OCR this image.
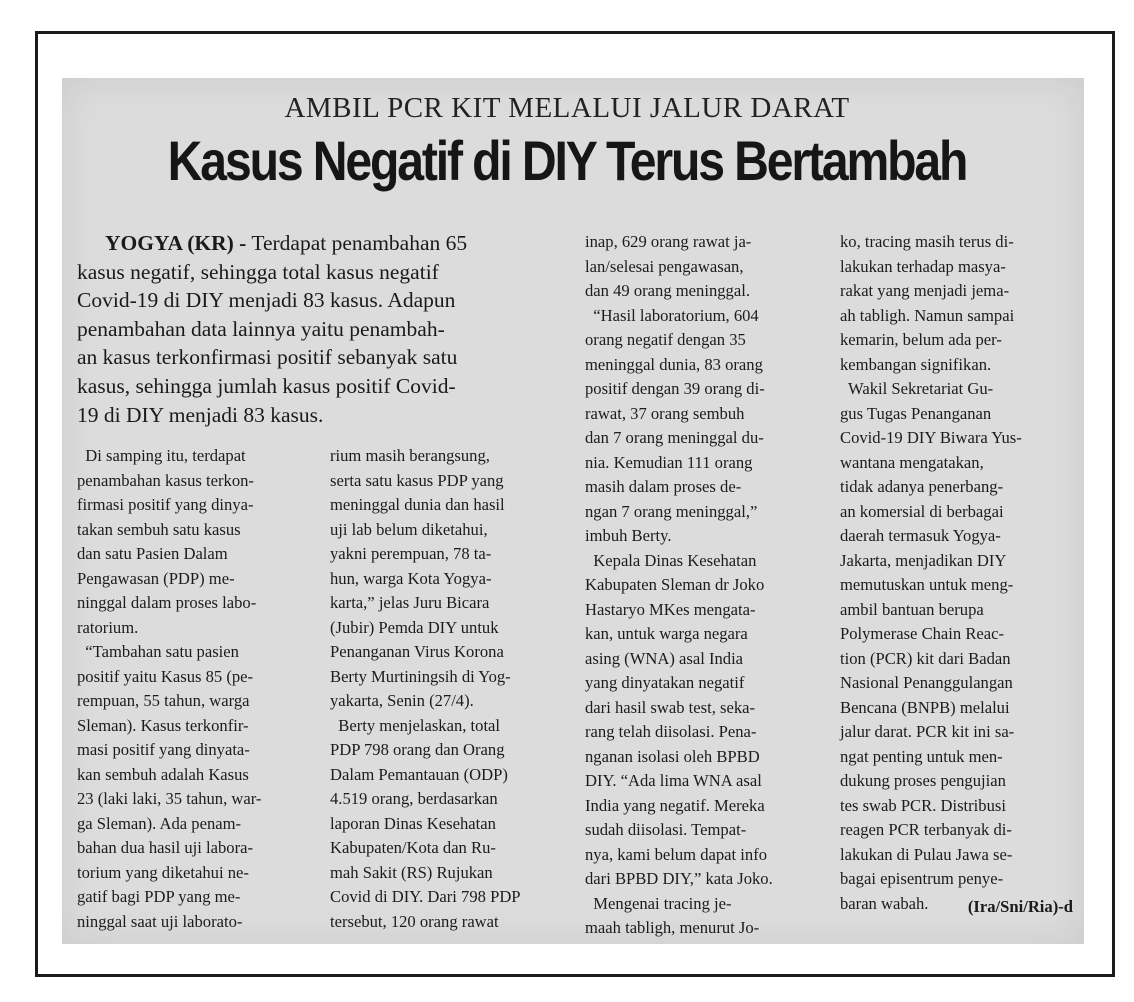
AMBIL PCR KIT MELALUI JALUR DARAT
Kasus Negatif di DIY Terus Bertambah
YOGYA (KR) - Terdapat penambahan 65
kasus negatif, sehingga total kasus negatif
Covid-19 di DIY menjadi 83 kasus. Adapun
penambahan data lainnya yaitu penambah-
an kasus terkonfirmasi positif sebanyak satu
kasus, sehingga jumlah kasus positif Covid-
19 di DIY menjadi 83 kasus.
Di samping itu, terdapat
penambahan kasus terkon-
firmasi positif yang dinya-
takan sembuh satu kasus
dan satu Pasien Dalam
Pengawasan (PDP) me-
ninggal dalam proses labo-
ratorium.
“Tambahan satu pasien
positif yaitu Kasus 85 (pe-
rempuan, 55 tahun, warga
Sleman). Kasus terkonfir-
masi positif yang dinyata-
kan sembuh adalah Kasus
23 (laki laki, 35 tahun, war-
ga Sleman). Ada penam-
bahan dua hasil uji labora-
torium yang diketahui ne-
gatif bagi PDP yang me-
ninggal saat uji laborato-
rium masih berangsung,
serta satu kasus PDP yang
meninggal dunia dan hasil
uji lab belum diketahui,
yakni perempuan, 78 ta-
hun, warga Kota Yogya-
karta,” jelas Juru Bicara
(Jubir) Pemda DIY untuk
Penanganan Virus Korona
Berty Murtiningsih di Yog-
yakarta, Senin (27/4).
Berty menjelaskan, total
PDP 798 orang dan Orang
Dalam Pemantauan (ODP)
4.519 orang, berdasarkan
laporan Dinas Kesehatan
Kabupaten/Kota dan Ru-
mah Sakit (RS) Rujukan
Covid di DIY. Dari 798 PDP
tersebut, 120 orang rawat
inap, 629 orang rawat ja-
lan/selesai pengawasan,
dan 49 orang meninggal.
“Hasil laboratorium, 604
orang negatif dengan 35
meninggal dunia, 83 orang
positif dengan 39 orang di-
rawat, 37 orang sembuh
dan 7 orang meninggal du-
nia. Kemudian 111 orang
masih dalam proses de-
ngan 7 orang meninggal,”
imbuh Berty.
Kepala Dinas Kesehatan
Kabupaten Sleman dr Joko
Hastaryo MKes mengata-
kan, untuk warga negara
asing (WNA) asal India
yang dinyatakan negatif
dari hasil swab test, seka-
rang telah diisolasi. Pena-
nganan isolasi oleh BPBD
DIY. “Ada lima WNA asal
India yang negatif. Mereka
sudah diisolasi. Tempat-
nya, kami belum dapat info
dari BPBD DIY,” kata Joko.
Mengenai tracing je-
maah tabligh, menurut Jo-
ko, tracing masih terus di-
lakukan terhadap masya-
rakat yang menjadi jema-
ah tabligh. Namun sampai
kemarin, belum ada per-
kembangan signifikan.
Wakil Sekretariat Gu-
gus Tugas Penanganan
Covid-19 DIY Biwara Yus-
wantana mengatakan,
tidak adanya penerbang-
an komersial di berbagai
daerah termasuk Yogya-
Jakarta, menjadikan DIY
memutuskan untuk meng-
ambil bantuan berupa
Polymerase Chain Reac-
tion (PCR) kit dari Badan
Nasional Penanggulangan
Bencana (BNPB) melalui
jalur darat. PCR kit ini sa-
ngat penting untuk men-
dukung proses pengujian
tes swab PCR. Distribusi
reagen PCR terbanyak di-
lakukan di Pulau Jawa se-
bagai episentrum penye-
baran wabah.	(Ira/Sni/Ria)-d
